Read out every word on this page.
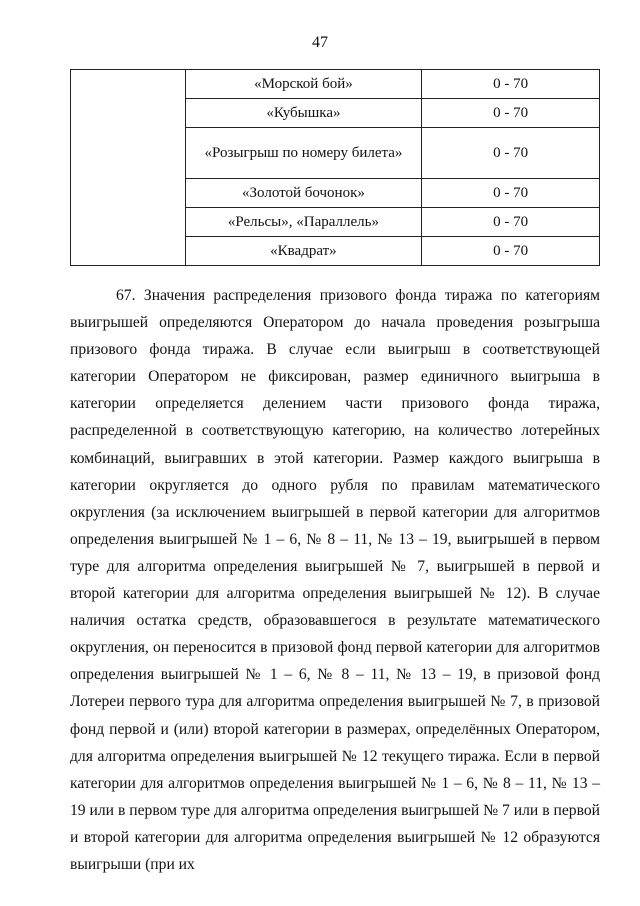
47
	«Морской бой»	0 - 70
	«Кубышка»	0 - 70
	«Розыгрыш по номеру билета»	0 - 70
	«Золотой бочонок»	0 - 70
	«Рельсы», «Параллель»	0 - 70
	«Квадрат»	0 - 70

67. Значения распределения призового фонда тиража по категориям выигрышей определяются Оператором до начала проведения розыгрыша призового фонда тиража. В случае если выигрыш в соответствующей категории Оператором не фиксирован, размер единичного выигрыша в категории определяется делением части призового фонда тиража, распределенной в соответствующую категорию, на количество лотерейных комбинаций, выигравших в этой категории. Размер каждого выигрыша в категории округляется до одного рубля по правилам математического округления (за исключением выигрышей в первой категории для алгоритмов определения выигрышей № 1 – 6, № 8 – 11, № 13 – 19, выигрышей в первом туре для алгоритма определения выигрышей № 7, выигрышей в первой и второй категории для алгоритма определения выигрышей № 12). В случае наличия остатка средств, образовавшегося в результате математического округления, он переносится в призовой фонд первой категории для алгоритмов определения выигрышей № 1 – 6, № 8 – 11, № 13 – 19, в призовой фонд Лотереи первого тура для алгоритма определения выигрышей № 7, в призовой фонд первой и (или) второй категории в размерах, определённых Оператором, для алгоритма определения выигрышей № 12 текущего тиража. Если в первой категории для алгоритмов определения выигрышей № 1 – 6, № 8 – 11, № 13 – 19 или в первом туре для алгоритма определения выигрышей № 7 или в первой и второй категории для алгоритма определения выигрышей № 12 образуются выигрыши (при их
